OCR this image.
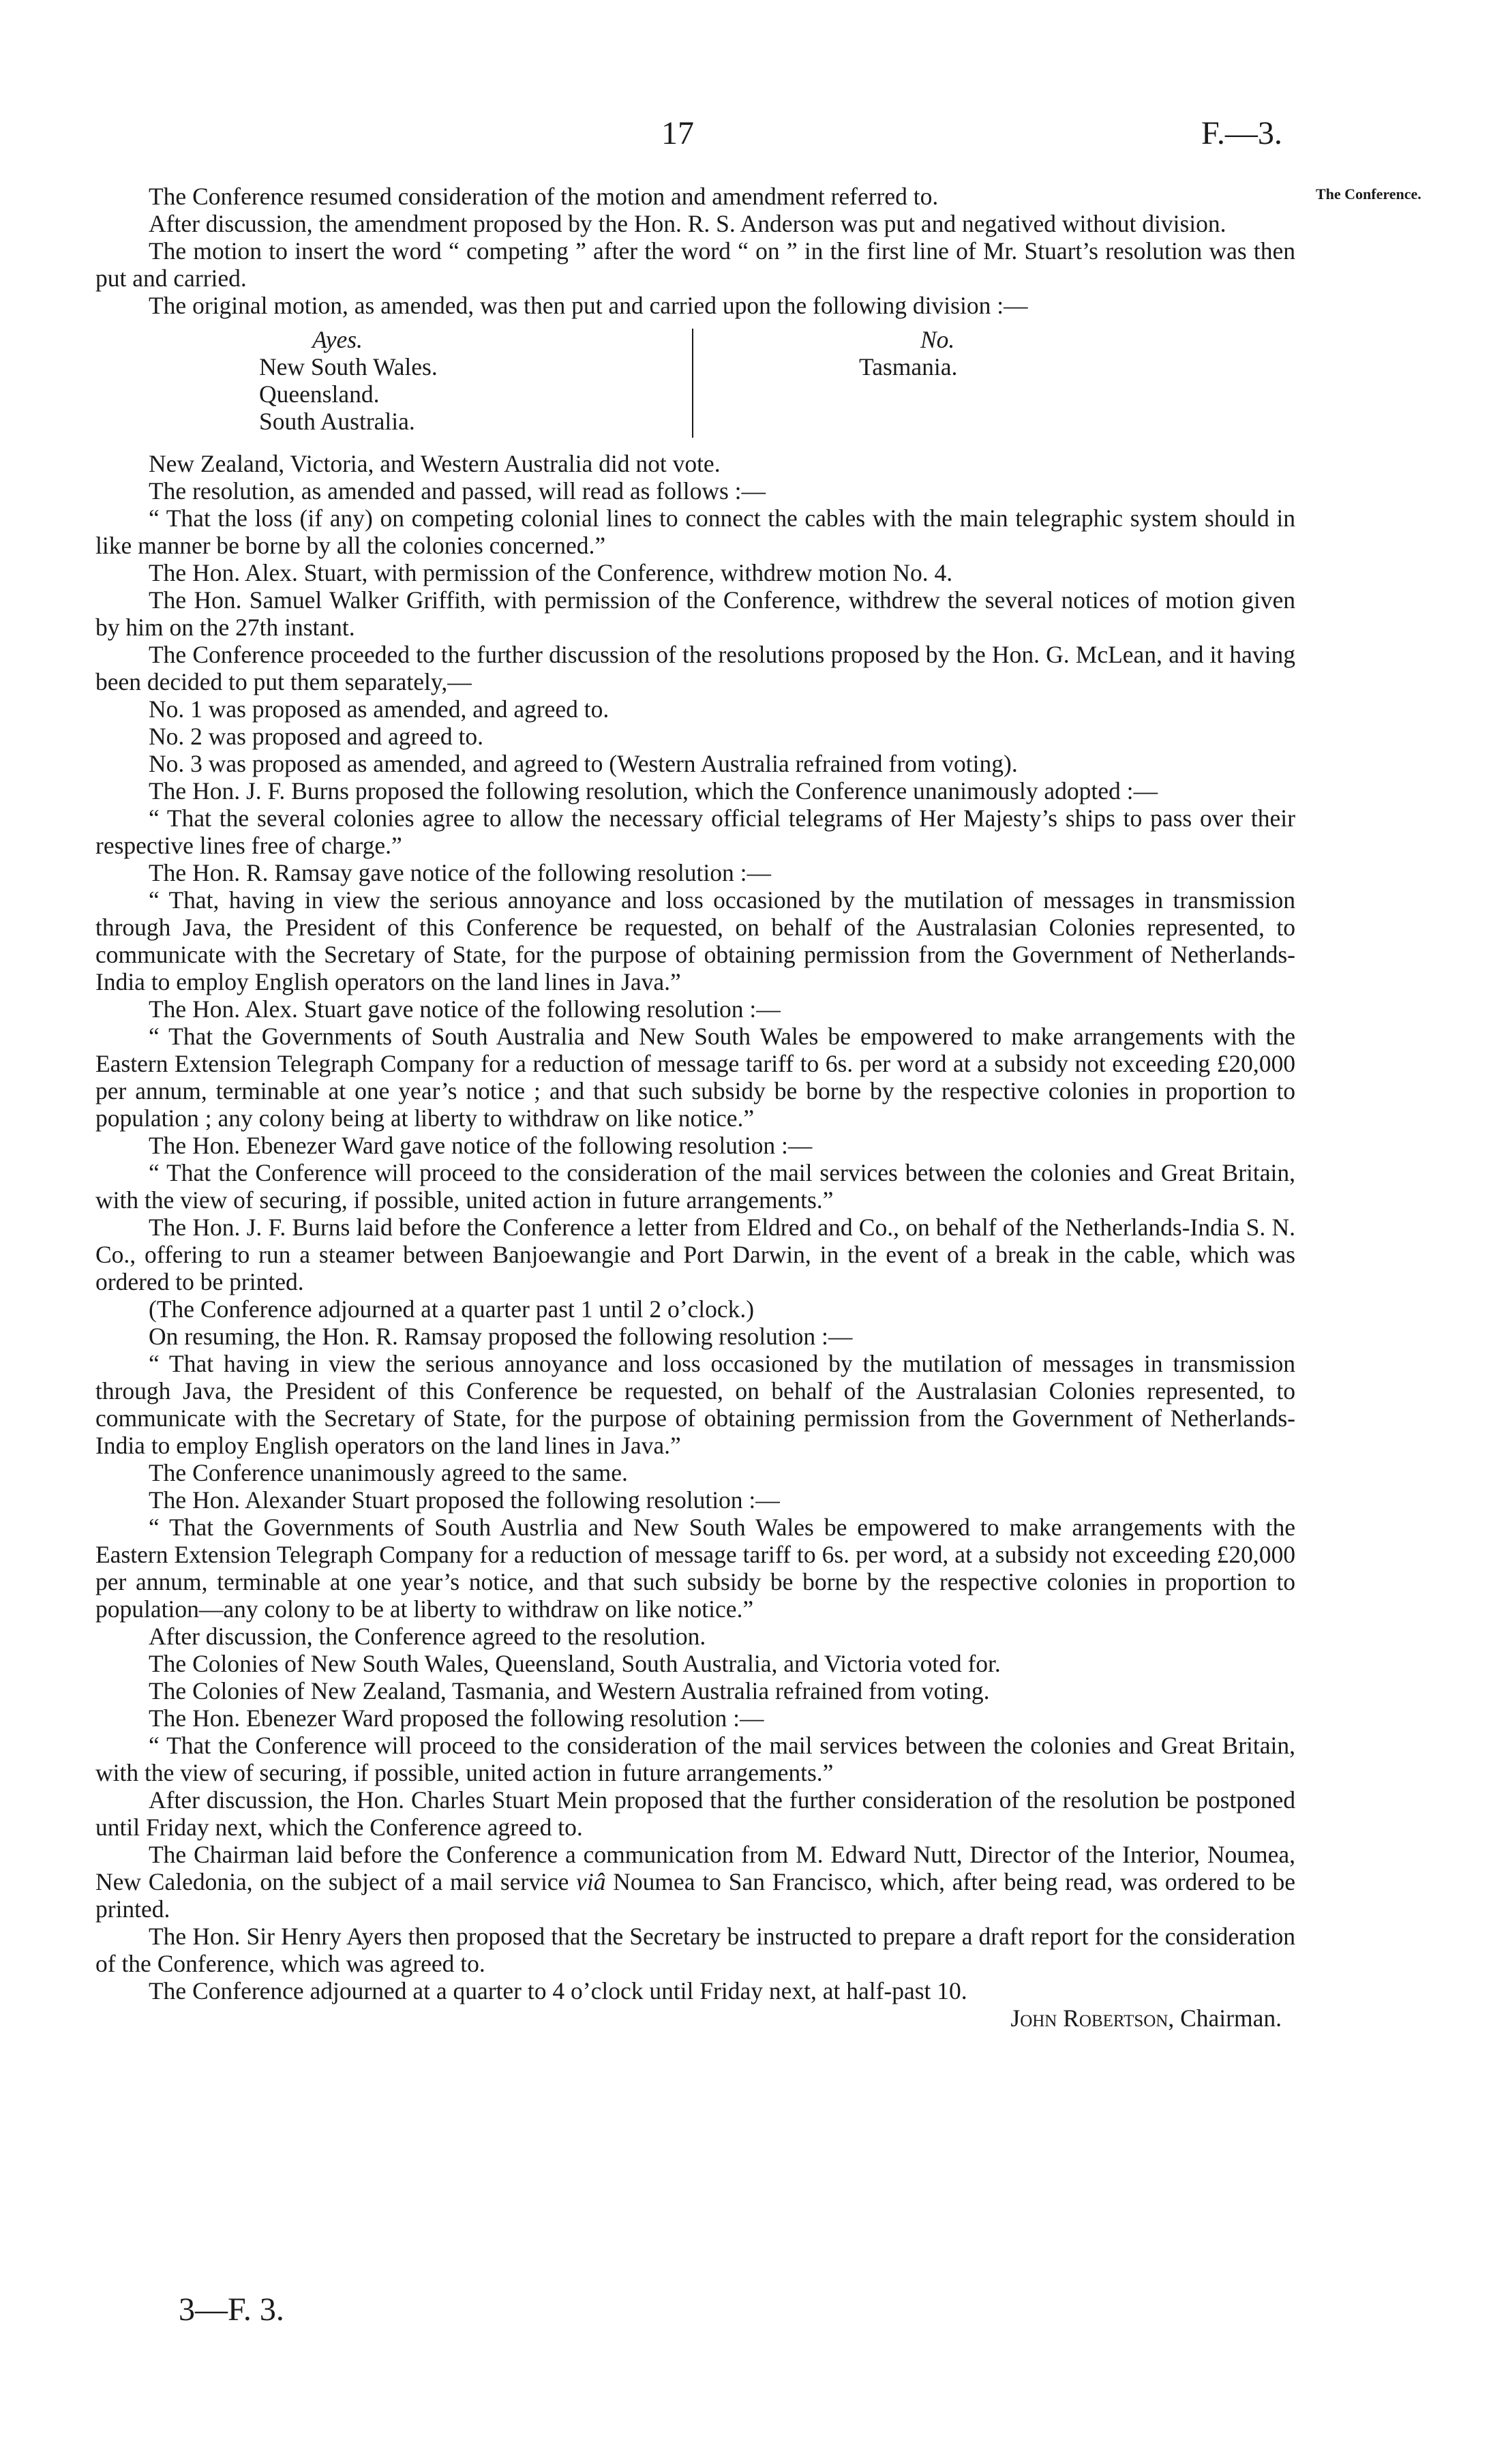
17	F.—3.
The Conference.

The Conference resumed consideration of the motion and amendment referred to.

After discussion, the amendment proposed by the Hon. R. S. Anderson was put and negatived without division.

The motion to insert the word “ competing ” after the word “ on ” in the first line of Mr. Stuart’s resolution was then put and carried.

The original motion, as amended, was then put and carried upon the following division :—

Ayes.
New South Wales.
Queensland.
South Australia.
No.
Tasmania.

New Zealand, Victoria, and Western Australia did not vote.

The resolution, as amended and passed, will read as follows :—

“ That the loss (if any) on competing colonial lines to connect the cables with the main telegraphic system should in like manner be borne by all the colonies concerned.”

The Hon. Alex. Stuart, with permission of the Conference, withdrew motion No. 4.

The Hon. Samuel Walker Griffith, with permission of the Conference, withdrew the several notices of motion given by him on the 27th instant.

The Conference proceeded to the further discussion of the resolutions proposed by the Hon. G. McLean, and it having been decided to put them separately,—

No. 1 was proposed as amended, and agreed to.

No. 2 was proposed and agreed to.

No. 3 was proposed as amended, and agreed to (Western Australia refrained from voting).

The Hon. J. F. Burns proposed the following resolution, which the Conference unanimously adopted :—

“ That the several colonies agree to allow the necessary official telegrams of Her Majesty’s ships to pass over their respective lines free of charge.”

The Hon. R. Ramsay gave notice of the following resolution :—

“ That, having in view the serious annoyance and loss occasioned by the mutilation of messages in transmission through Java, the President of this Conference be requested, on behalf of the Australasian Colonies represented, to communicate with the Secretary of State, for the purpose of obtaining permission from the Government of Netherlands-India to employ English operators on the land lines in Java.”

The Hon. Alex. Stuart gave notice of the following resolution :—

“ That the Governments of South Australia and New South Wales be empowered to make arrangements with the Eastern Extension Telegraph Company for a reduction of message tariff to 6s. per word at a subsidy not exceeding £20,000 per annum, terminable at one year’s notice ; and that such subsidy be borne by the respective colonies in proportion to population ; any colony being at liberty to withdraw on like notice.”

The Hon. Ebenezer Ward gave notice of the following resolution :—

“ That the Conference will proceed to the consideration of the mail services between the colonies and Great Britain, with the view of securing, if possible, united action in future arrangements.”

The Hon. J. F. Burns laid before the Conference a letter from Eldred and Co., on behalf of the Netherlands-India S. N. Co., offering to run a steamer between Banjoewangie and Port Darwin, in the event of a break in the cable, which was ordered to be printed.

(The Conference adjourned at a quarter past 1 until 2 o’clock.)

On resuming, the Hon. R. Ramsay proposed the following resolution :—

“ That having in view the serious annoyance and loss occasioned by the mutilation of messages in transmission through Java, the President of this Conference be requested, on behalf of the Australasian Colonies represented, to communicate with the Secretary of State, for the purpose of obtaining permission from the Government of Netherlands-India to employ English operators on the land lines in Java.”

The Conference unanimously agreed to the same.

The Hon. Alexander Stuart proposed the following resolution :—

“ That the Governments of South Austrlia and New South Wales be empowered to make arrangements with the Eastern Extension Telegraph Company for a reduction of message tariff to 6s. per word, at a subsidy not exceeding £20,000 per annum, terminable at one year’s notice, and that such subsidy be borne by the respective colonies in proportion to population—any colony to be at liberty to withdraw on like notice.”

After discussion, the Conference agreed to the resolution.

The Colonies of New South Wales, Queensland, South Australia, and Victoria voted for.

The Colonies of New Zealand, Tasmania, and Western Australia refrained from voting.

The Hon. Ebenezer Ward proposed the following resolution :—

“ That the Conference will proceed to the consideration of the mail services between the colonies and Great Britain, with the view of securing, if possible, united action in future arrangements.”

After discussion, the Hon. Charles Stuart Mein proposed that the further consideration of the resolution be postponed until Friday next, which the Conference agreed to.

The Chairman laid before the Conference a communication from M. Edward Nutt, Director of the Interior, Noumea, New Caledonia, on the subject of a mail service viâ Noumea to San Francisco, which, after being read, was ordered to be printed.

The Hon. Sir Henry Ayers then proposed that the Secretary be instructed to prepare a draft report for the consideration of the Conference, which was agreed to.

The Conference adjourned at a quarter to 4 o’clock until Friday next, at half-past 10.

John Robertson, Chairman.
3—F. 3.
